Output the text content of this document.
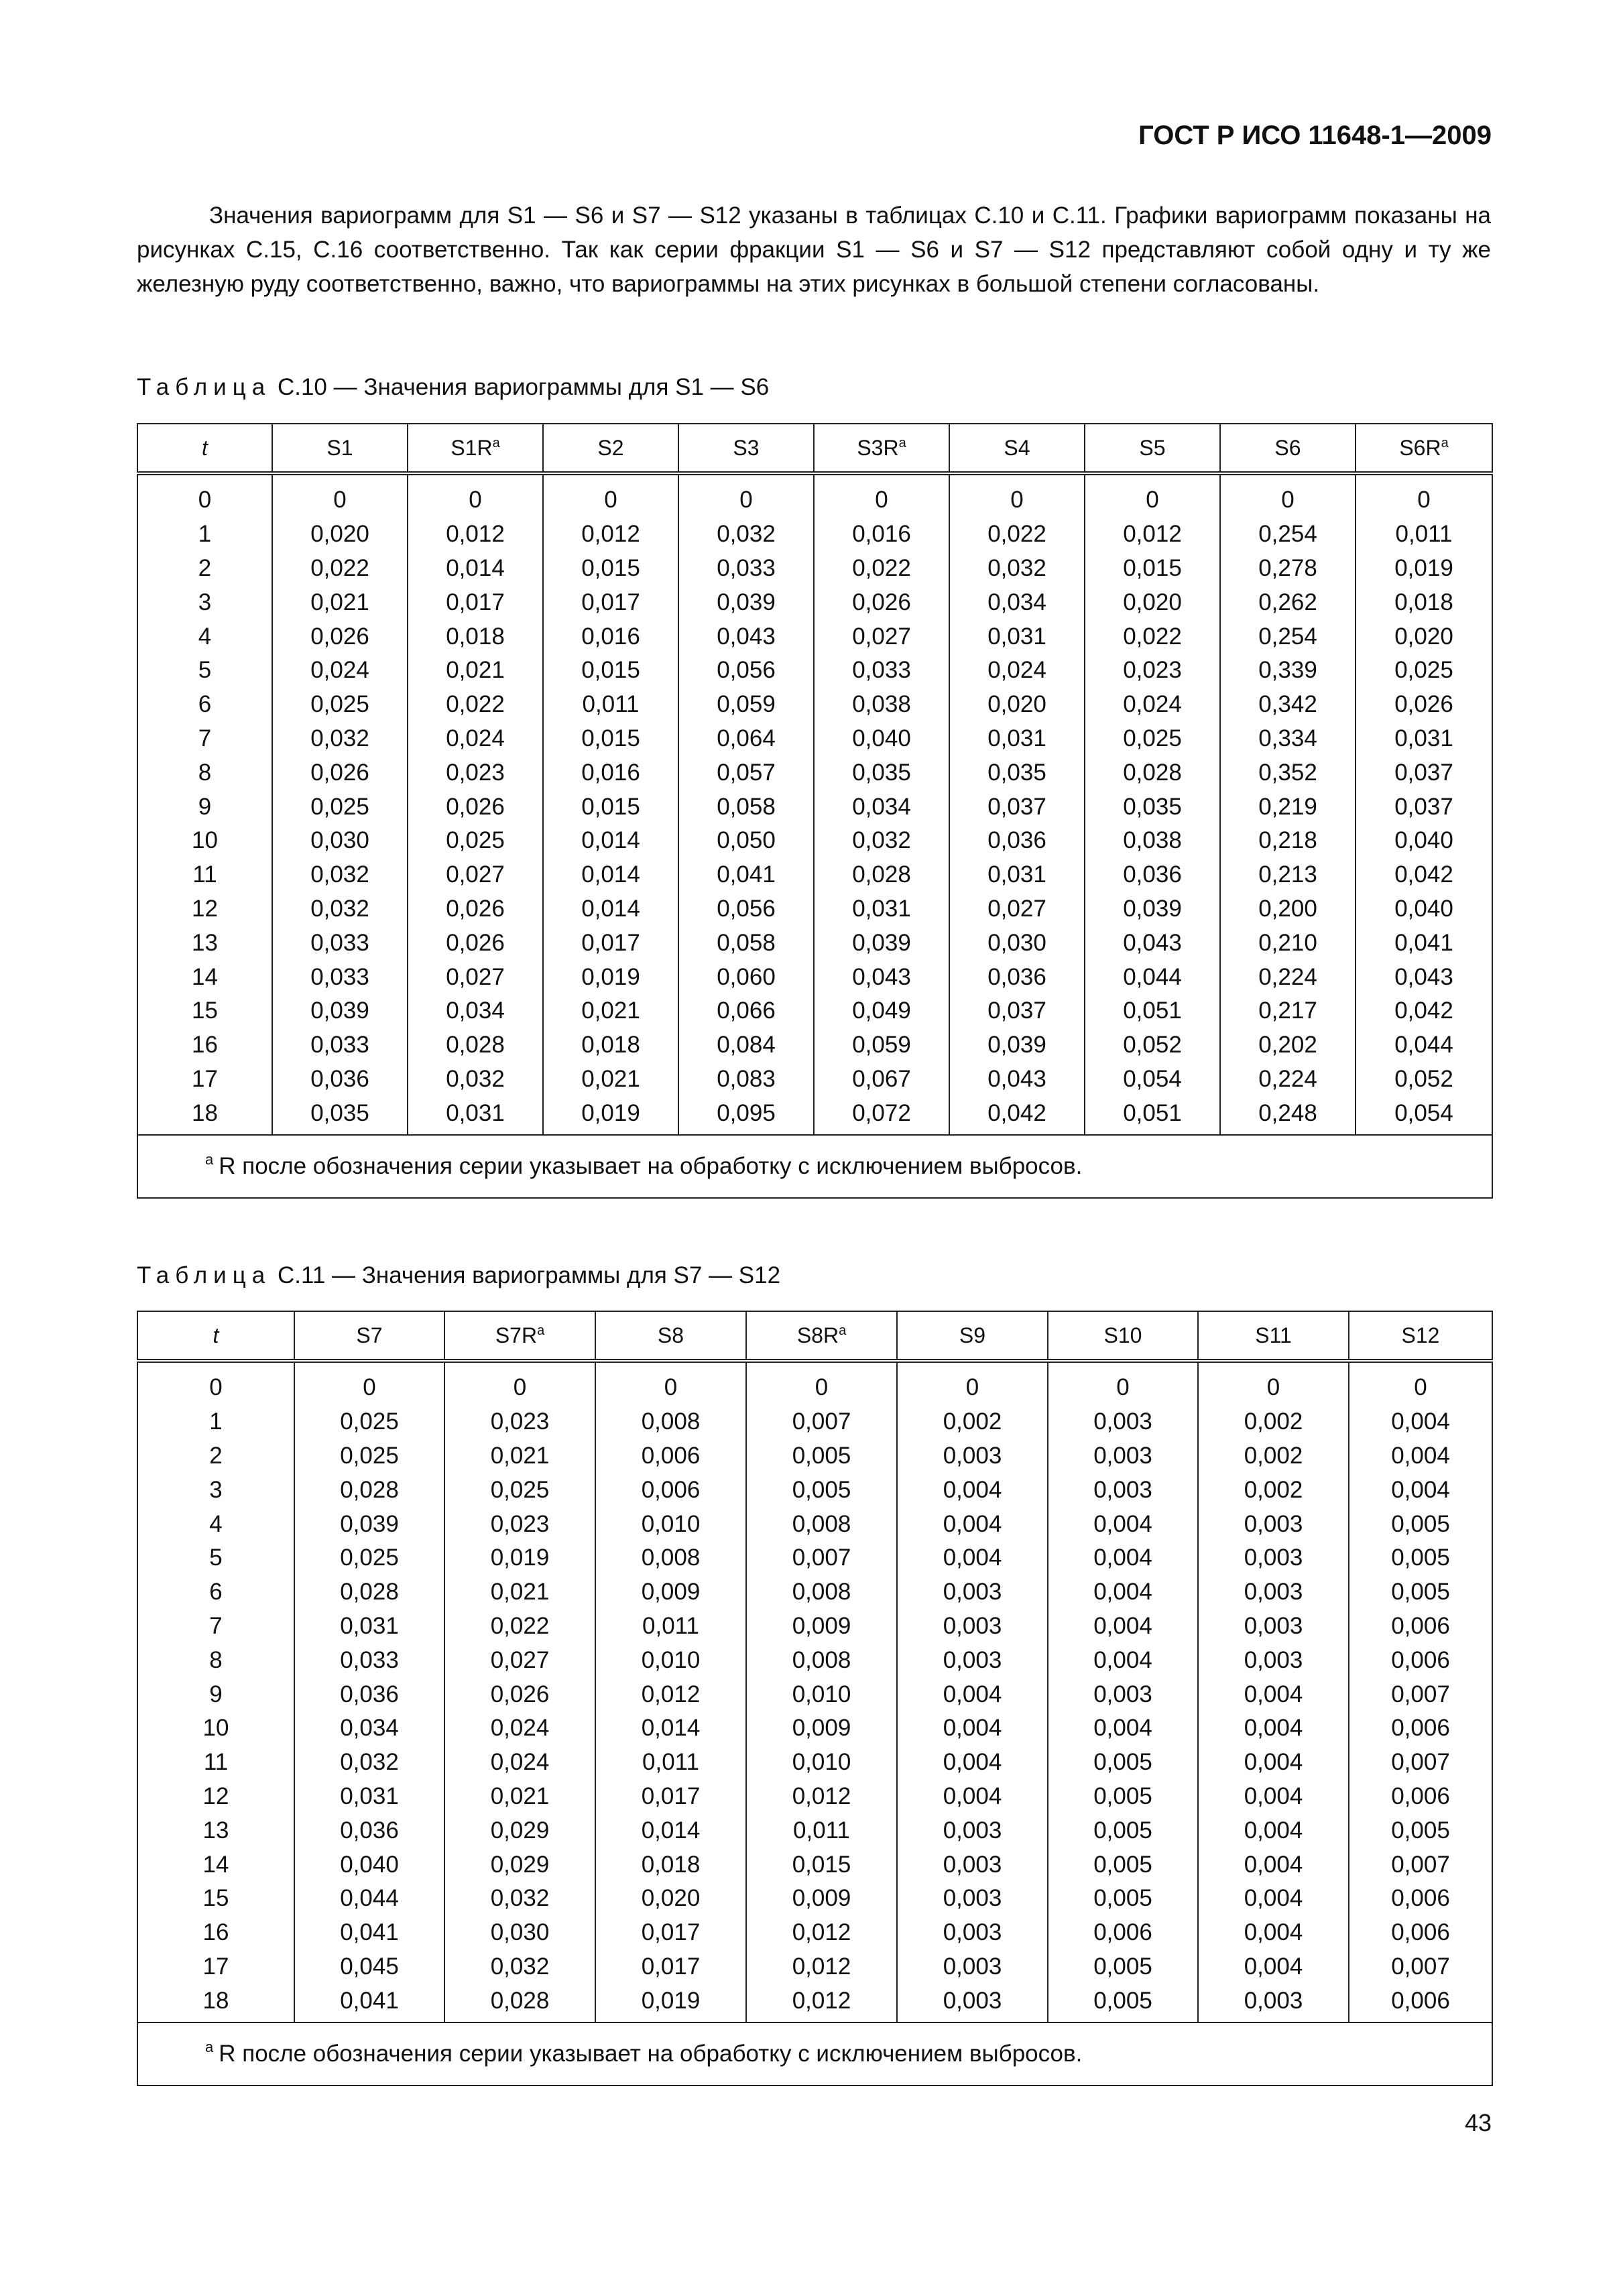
ГОСТ Р ИСО 11648-1—2009

Значения вариограмм для S1 — S6 и S7 — S12 указаны в таблицах С.10 и С.11. Графики вариограмм показаны на рисунках С.15, С.16 соответственно. Так как серии фракции S1 — S6 и S7 — S12 представляют собой одну и ту же железную руду соответственно, важно, что вариограммы на этих рисунках в большой степени согласованы.

Таблица С.10 — Значения вариограммы для S1 — S6
t	S1	$S1R^a$	S2	S3	$S3R^a$	S4	S5	S6	$S6R^a$
0	0	0	0	0	0	0	0	0	0
1	0,020	0,012	0,012	0,032	0,016	0,022	0,012	0,254	0,011
2	0,022	0,014	0,015	0,033	0,022	0,032	0,015	0,278	0,019
3	0,021	0,017	0,017	0,039	0,026	0,034	0,020	0,262	0,018
4	0,026	0,018	0,016	0,043	0,027	0,031	0,022	0,254	0,020
5	0,024	0,021	0,015	0,056	0,033	0,024	0,023	0,339	0,025
6	0,025	0,022	0,011	0,059	0,038	0,020	0,024	0,342	0,026
7	0,032	0,024	0,015	0,064	0,040	0,031	0,025	0,334	0,031
8	0,026	0,023	0,016	0,057	0,035	0,035	0,028	0,352	0,037
9	0,025	0,026	0,015	0,058	0,034	0,037	0,035	0,219	0,037
10	0,030	0,025	0,014	0,050	0,032	0,036	0,038	0,218	0,040
11	0,032	0,027	0,014	0,041	0,028	0,031	0,036	0,213	0,042
12	0,032	0,026	0,014	0,056	0,031	0,027	0,039	0,200	0,040
13	0,033	0,026	0,017	0,058	0,039	0,030	0,043	0,210	0,041
14	0,033	0,027	0,019	0,060	0,043	0,036	0,044	0,224	0,043
15	0,039	0,034	0,021	0,066	0,049	0,037	0,051	0,217	0,042
16	0,033	0,028	0,018	0,084	0,059	0,039	0,052	0,202	0,044
17	0,036	0,032	0,021	0,083	0,067	0,043	0,054	0,224	0,052
18	0,035	0,031	0,019	0,095	0,072	0,042	0,051	0,248	0,054
$^a$ R после обозначения серии указывает на обработку с исключением выбросов.									
Таблица С.11 — Значения вариограммы для S7 — S12
t	S7	$S7R^a$	S8	$S8R^a$	S9	S10	S11	S12
0	0	0	0	0	0	0	0	0
1	0,025	0,023	0,008	0,007	0,002	0,003	0,002	0,004
2	0,025	0,021	0,006	0,005	0,003	0,003	0,002	0,004
3	0,028	0,025	0,006	0,005	0,004	0,003	0,002	0,004
4	0,039	0,023	0,010	0,008	0,004	0,004	0,003	0,005
5	0,025	0,019	0,008	0,007	0,004	0,004	0,003	0,005
6	0,028	0,021	0,009	0,008	0,003	0,004	0,003	0,005
7	0,031	0,022	0,011	0,009	0,003	0,004	0,003	0,006
8	0,033	0,027	0,010	0,008	0,003	0,004	0,003	0,006
9	0,036	0,026	0,012	0,010	0,004	0,003	0,004	0,007
10	0,034	0,024	0,014	0,009	0,004	0,004	0,004	0,006
11	0,032	0,024	0,011	0,010	0,004	0,005	0,004	0,007
12	0,031	0,021	0,017	0,012	0,004	0,005	0,004	0,006
13	0,036	0,029	0,014	0,011	0,003	0,005	0,004	0,005
14	0,040	0,029	0,018	0,015	0,003	0,005	0,004	0,007
15	0,044	0,032	0,020	0,009	0,003	0,005	0,004	0,006
16	0,041	0,030	0,017	0,012	0,003	0,006	0,004	0,006
17	0,045	0,032	0,017	0,012	0,003	0,005	0,004	0,007
18	0,041	0,028	0,019	0,012	0,003	0,005	0,003	0,006
$^a$ R после обозначения серии указывает на обработку с исключением выбросов.								
43
